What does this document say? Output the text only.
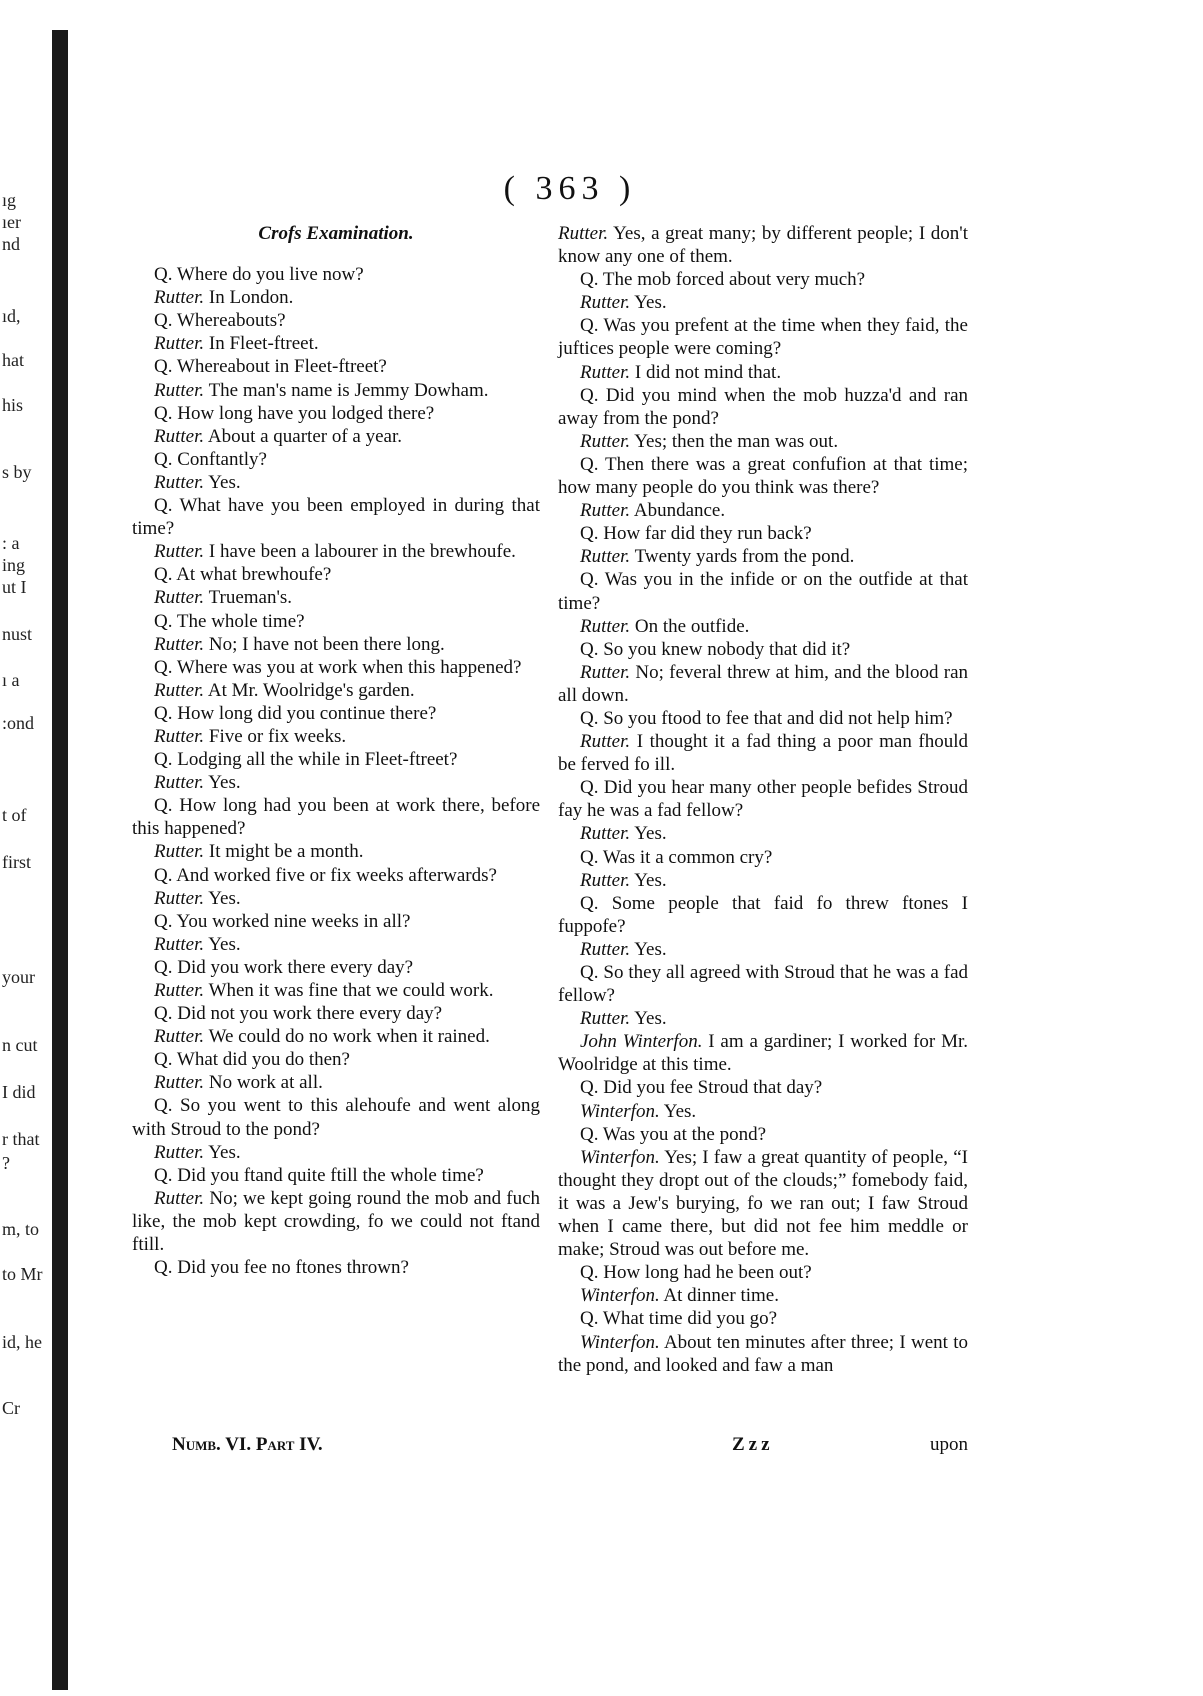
ıg
ıer
nd
ıd,
hat
his
s by
: a
ing
ut I
nust
ı a
:ond
t of
first
your
n cut
I did
r that
?
m, to
to Mr
id, he
Cr
( 363 )

Crofs Examination.

Q. Where do you live now?

Rutter. In London.

Q. Whereabouts?

Rutter. In Fleet-ftreet.

Q. Whereabout in Fleet-ftreet?

Rutter. The man's name is Jemmy Dowham.

Q. How long have you lodged there?

Rutter. About a quarter of a year.

Q. Conftantly?

Rutter. Yes.

Q. What have you been employed in during that time?

Rutter. I have been a labourer in the brewhoufe.

Q. At what brewhoufe?

Rutter. Trueman's.

Q. The whole time?

Rutter. No; I have not been there long.

Q. Where was you at work when this happened?

Rutter. At Mr. Woolridge's garden.

Q. How long did you continue there?

Rutter. Five or fix weeks.

Q. Lodging all the while in Fleet-ftreet?

Rutter. Yes.

Q. How long had you been at work there, before this happened?

Rutter. It might be a month.

Q. And worked five or fix weeks afterwards?

Rutter. Yes.

Q. You worked nine weeks in all?

Rutter. Yes.

Q. Did you work there every day?

Rutter. When it was fine that we could work.

Q. Did not you work there every day?

Rutter. We could do no work when it rained.

Q. What did you do then?

Rutter. No work at all.

Q. So you went to this alehoufe and went along with Stroud to the pond?

Rutter. Yes.

Q. Did you ftand quite ftill the whole time?

Rutter. No; we kept going round the mob and fuch like, the mob kept crowding, fo we could not ftand ftill.

Q. Did you fee no ftones thrown?

Rutter. Yes, a great many; by different people; I don't know any one of them.

Q. The mob forced about very much?

Rutter. Yes.

Q. Was you prefent at the time when they faid, the juftices people were coming?

Rutter. I did not mind that.

Q. Did you mind when the mob huzza'd and ran away from the pond?

Rutter. Yes; then the man was out.

Q. Then there was a great confufion at that time; how many people do you think was there?

Rutter. Abundance.

Q. How far did they run back?

Rutter. Twenty yards from the pond.

Q. Was you in the infide or on the outfide at that time?

Rutter. On the outfide.

Q. So you knew nobody that did it?

Rutter. No; feveral threw at him, and the blood ran all down.

Q. So you ftood to fee that and did not help him?

Rutter. I thought it a fad thing a poor man fhould be ferved fo ill.

Q. Did you hear many other people befides Stroud fay he was a fad fellow?

Rutter. Yes.

Q. Was it a common cry?

Rutter. Yes.

Q. Some people that faid fo threw ftones I fuppofe?

Rutter. Yes.

Q. So they all agreed with Stroud that he was a fad fellow?

Rutter. Yes.

John Winterfon. I am a gardiner; I worked for Mr. Woolridge at this time.

Q. Did you fee Stroud that day?

Winterfon. Yes.

Q. Was you at the pond?

Winterfon. Yes; I faw a great quantity of people, “I thought they dropt out of the clouds;” fomebody faid, it was a Jew's burying, fo we ran out; I faw Stroud when I came there, but did not fee him meddle or make; Stroud was out before me.

Q. How long had he been out?

Winterfon. At dinner time.

Q. What time did you go?

Winterfon. About ten minutes after three; I went to the pond, and looked and faw a man

Numb. VI. Part IV.	Zzz	upon
